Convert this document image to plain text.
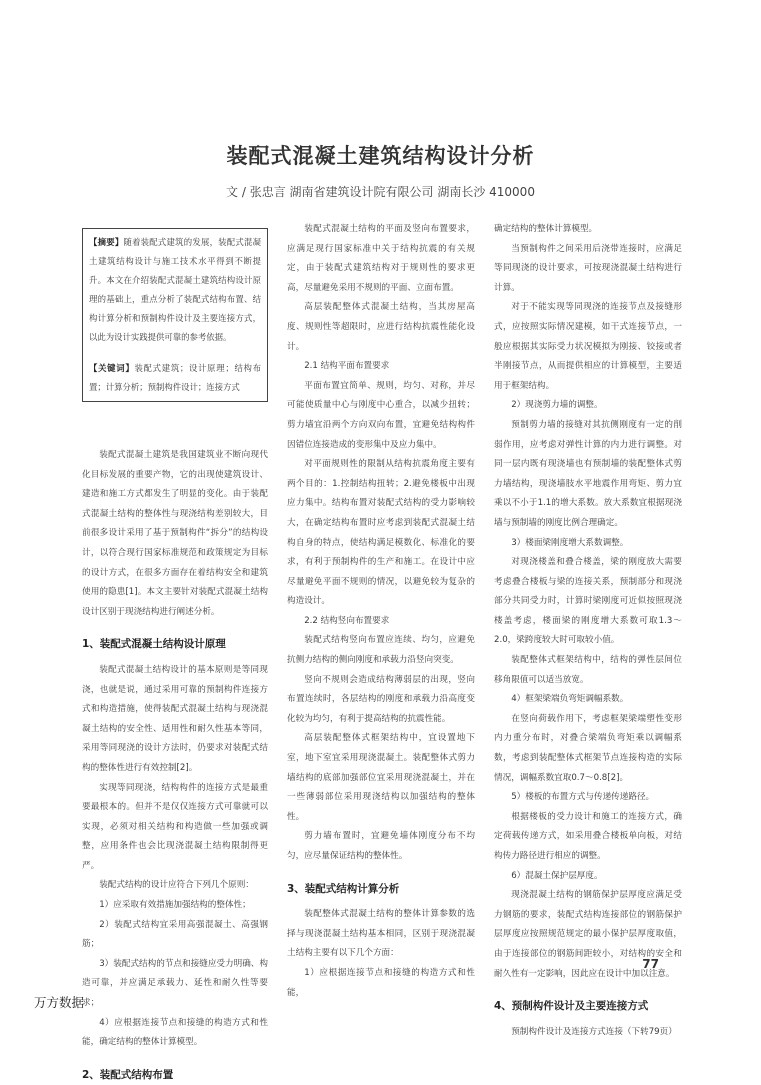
装配式混凝土建筑结构设计分析

文 / 张忠言 湖南省建筑设计院有限公司 湖南长沙 410000

【摘要】随着装配式建筑的发展，装配式混凝土建筑结构设计与施工技术水平得到不断提升。本文在介绍装配式混凝土建筑结构设计原理的基础上，重点分析了装配式结构布置、结构计算分析和预制构件设计及主要连接方式，以此为设计实践提供可靠的参考依据。

【关键词】装配式建筑；设计原理；结构布置；计算分析；预制构件设计；连接方式

装配式混凝土建筑是我国建筑业不断向现代化目标发展的重要产物，它的出现使建筑设计、建造和施工方式都发生了明显的变化。由于装配式混凝土结构的整体性与现浇结构差别较大，目前很多设计采用了基于预制构件“拆分”的结构设计，以符合现行国家标准规范和政策规定为目标的设计方式，在很多方面存在着结构安全和建筑使用的隐患[1]。本文主要针对装配式混凝土结构设计区别于现浇结构进行阐述分析。

1、装配式混凝土结构设计原理

装配式混凝土结构设计的基本原则是等同现浇，也就是说，通过采用可靠的预制构件连接方式和构造措施，使得装配式混凝土结构与现浇混凝土结构的安全性、适用性和耐久性基本等同，采用等同现浇的设计方法时，仍要求对装配式结构的整体性进行有效控制[2]。

实现等同现浇，结构构件的连接方式是最重要最根本的。但并不是仅仅连接方式可靠就可以实现，必须对相关结构和构造做一些加强或调整，应用条件也会比现浇混凝土结构限制得更严。

装配式结构的设计应符合下列几个原则：

1）应采取有效措施加强结构的整体性；

2）装配式结构宜采用高强混凝土、高强钢筋；

3）装配式结构的节点和接缝应受力明确、构造可靠，并应满足承载力、延性和耐久性等要求；

4）应根据连接节点和接缝的构造方式和性能，确定结构的整体计算模型。

2、装配式结构布置

装配式混凝土结构的平面及竖向布置要求，应满足现行国家标准中关于结构抗震的有关规定，由于装配式建筑结构对于规则性的要求更高，尽量避免采用不规则的平面、立面布置。

高层装配整体式混凝土结构，当其房屋高度、规则性等超限时，应进行结构抗震性能化设计。

2.1 结构平面布置要求

平面布置宜简单、规则，均匀、对称，并尽可能使质量中心与刚度中心重合，以减少扭转；剪力墙宜沿两个方向双向布置，宜避免结构构件因错位连接造成的变形集中及应力集中。

对平面规则性的限制从结构抗震角度主要有两个目的：1.控制结构扭转；2.避免楼板中出现应力集中。结构布置对装配式结构的受力影响较大，在确定结构布置时应考虑到装配式混凝土结构自身的特点，使结构满足模数化、标准化的要求，有利于预制构件的生产和施工。在设计中应尽量避免平面不规则的情况，以避免较为复杂的构造设计。

2.2 结构竖向布置要求

装配式结构竖向布置应连续、均匀，应避免抗侧力结构的侧向刚度和承载力沿竖向突变。

竖向不规则会造成结构薄弱层的出现，竖向布置连续时，各层结构的刚度和承载力沿高度变化较为均匀，有利于提高结构的抗震性能。

高层装配整体式框架结构中，宜设置地下室，地下室宜采用现浇混凝土。装配整体式剪力墙结构的底部加强部位宜采用现浇混凝土，并在一些薄弱部位采用现浇结构以加强结构的整体性。

剪力墙布置时，宜避免墙体刚度分布不均匀，应尽量保证结构的整体性。

3、装配式结构计算分析

装配整体式混凝土结构的整体计算参数的选择与现浇混凝土结构基本相同，区别于现浇混凝土结构主要有以下几个方面：

1）应根据连接节点和接缝的构造方式和性能，

确定结构的整体计算模型。

当预制构件之间采用后浇带连接时，应满足等同现浇的设计要求，可按现浇混凝土结构进行计算。

对于不能实现等同现浇的连接节点及接缝形式，应按照实际情况建模，如干式连接节点，一般应根据其实际受力状况模拟为刚接、铰接或者半刚接节点，从而提供相应的计算模型，主要适用于框架结构。

2）现浇剪力墙的调整。

预制剪力墙的接缝对其抗侧刚度有一定的削弱作用，应考虑对弹性计算的内力进行调整。对同一层内既有现浇墙也有预制墙的装配整体式剪力墙结构，现浇墙肢水平地震作用弯矩、剪力宜乘以不小于1.1的增大系数。放大系数宜根据现浇墙与预制墙的刚度比例合理确定。

3）楼面梁刚度增大系数调整。

对现浇楼盖和叠合楼盖，梁的刚度放大需要考虑叠合楼板与梁的连接关系，预制部分和现浇部分共同受力时，计算时梁刚度可近似按照现浇楼盖考虑，楼面梁的刚度增大系数可取1.3～2.0，梁跨度较大时可取较小值。

装配整体式框架结构中，结构的弹性层间位移角限值可以适当放宽。

4）框架梁端负弯矩调幅系数。

在竖向荷载作用下，考虑框架梁端塑性变形内力重分布时，对叠合梁端负弯矩乘以调幅系数，考虑到装配整体式框架节点连接构造的实际情况，调幅系数宜取0.7～0.8[2]。

5）楼板的布置方式与传递传递路径。

根据楼板的受力设计和施工的连接方式，确定荷载传递方式，如采用叠合楼板单向板，对结构传力路径进行相应的调整。

6）混凝土保护层厚度。

现浇混凝土结构的钢筋保护层厚度应满足受力钢筋的要求，装配式结构连接部位的钢筋保护层厚度应按照规范规定的最小保护层厚度取值，由于连接部位的钢筋间距较小，对结构的安全和耐久性有一定影响，因此应在设计中加以注意。

4、预制构件设计及主要连接方式

预制构件设计及连接方式连接（下转79页）

77
万方数据
